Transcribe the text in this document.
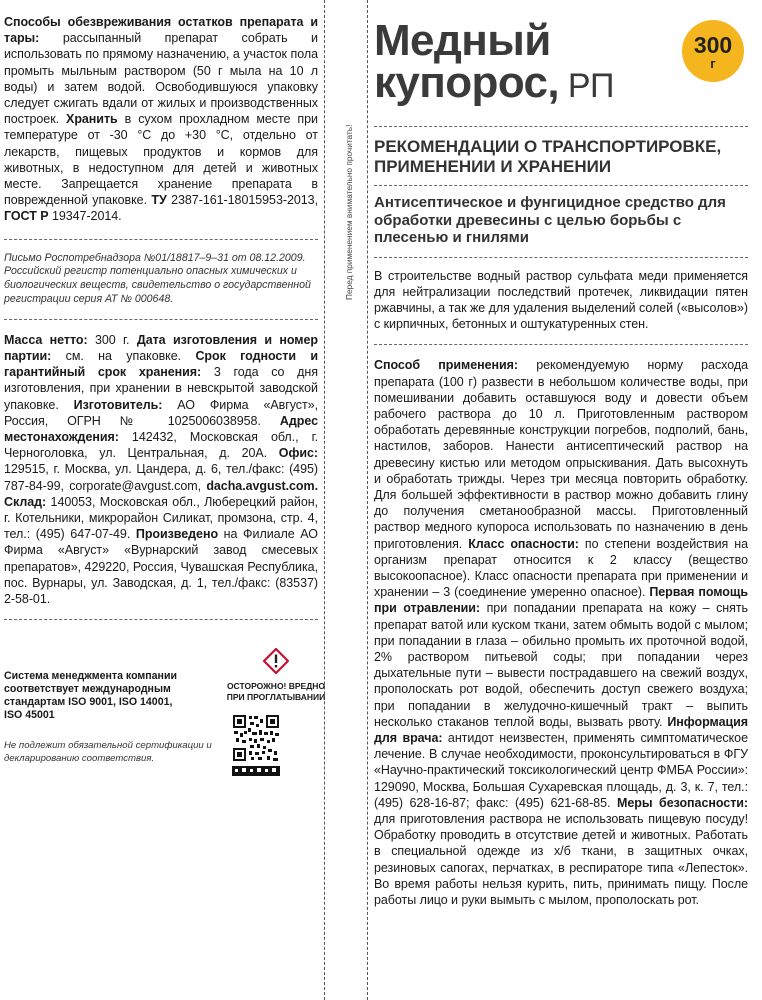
Способы обезвреживания остатков препарата и тары: рассыпанный препарат собрать и использовать по прямому назначению, а участок пола промыть мыльным раствором (50 г мыла на 10 л воды) и затем водой. Освободившуюся упаковку следует сжигать вдали от жилых и производственных построек. Хранить в сухом прохладном месте при температуре от -30 °С до +30 °С, отдельно от лекарств, пищевых продуктов и кормов для животных, в недоступном для детей и животных месте. Запрещается хранение препарата в поврежденной упаковке. ТУ 2387-161-18015953-2013, ГОСТ Р 19347-2014.

Письмо Роспотребнадзора №01/18817–9–31 от 08.12.2009. Российский регистр потенциально опасных химических и биологических веществ, свидетельство о государственной регистрации серия АТ № 000648.

Масса нетто: 300 г. Дата изготовления и номер партии: см. на упаковке. Срок годности и гарантийный срок хранения: 3 года со дня изготовления, при хранении в невскрытой заводской упаковке. Изготовитель: АО Фирма «Август», Россия, ОГРН № 1025006038958. Адрес местонахождения: 142432, Московская обл., г. Черноголовка, ул. Центральная, д. 20А. Офис: 129515, г. Москва, ул. Цандера, д. 6, тел./факс: (495) 787-84-99, corporate@avgust.com, dacha.avgust.com. Склад: 140053, Московская обл., Люберецкий район, г. Котельники, микрорайон Силикат, промзона, стр. 4, тел.: (495) 647-07-49. Произведено на Филиале АО Фирма «Август» «Вурнарский завод смесевых препаратов», 429220, Россия, Чувашская Республика, пос. Вурнары, ул. Заводская, д. 1, тел./факс: (83537) 2-58-01.

Система менеджмента компании соответствует международным стандартам ISO 9001, ISO 14001, ISO 45001

Не подлежит обязательной сертификации и декларированию соответствия.

ОСТОРОЖНО! ВРЕДНО ПРИ ПРОГЛАТЫВАНИИ

Перед применением внимательно прочитать!

Медный
купорос, РП

300
г

РЕКОМЕНДАЦИИ О ТРАНСПОРТИРОВКЕ, ПРИМЕНЕНИИ И ХРАНЕНИИ

Антисептическое и фунгицидное средство для обработки древесины с целью борьбы с плесенью и гнилями

В строительстве водный раствор сульфата меди применяется для нейтрализации последствий протечек, ликвидации пятен ржавчины, а так же для удаления выделений солей («высолов») с кирпичных, бетонных и оштукатуренных стен.

Способ применения: рекомендуемую норму расхода препарата (100 г) развести в небольшом количестве воды, при помешивании добавить оставшуюся воду и довести объем рабочего раствора до 10 л. Приготовленным раствором обработать деревянные конструкции погребов, подполий, бань, настилов, заборов. Нанести антисептический раствор на древесину кистью или методом опрыскивания. Дать высохнуть и обработать трижды. Через три месяца повторить обработку. Для большей эффективности в раствор можно добавить глину до получения сметанообразной массы. Приготовленный раствор медного купороса использовать по назначению в день приготовления. Класс опасности: по степени воздействия на организм препарат относится к 2 классу (вещество высокоопасное). Класс опасности препарата при применении и хранении – 3 (соединение умеренно опасное). Первая помощь при отравлении: при попадании препарата на кожу – снять препарат ватой или куском ткани, затем обмыть водой с мылом; при попадании в глаза – обильно промыть их проточной водой, 2% раствором питьевой соды; при попадании через дыхательные пути – вывести пострадавшего на свежий воздух, прополоскать рот водой, обеспечить доступ свежего воздуха; при попадании в желудочно-кишечный тракт – выпить несколько стаканов теплой воды, вызвать рвоту. Информация для врача: антидот неизвестен, применять симптоматическое лечение. В случае необходимости, проконсультироваться в ФГУ «Научно-практический токсикологический центр ФМБА России»: 129090, Москва, Большая Сухаревская площадь, д. 3, к. 7, тел.: (495) 628-16-87; факс: (495) 621-68-85. Меры безопасности: для приготовления раствора не использовать пищевую посуду! Обработку проводить в отсутствие детей и животных. Работать в специальной одежде из х/б ткани, в защитных очках, резиновых сапогах, перчатках, в респираторе типа «Лепесток». Во время работы нельзя курить, пить, принимать пищу. После работы лицо и руки вымыть с мылом, прополоскать рот.
